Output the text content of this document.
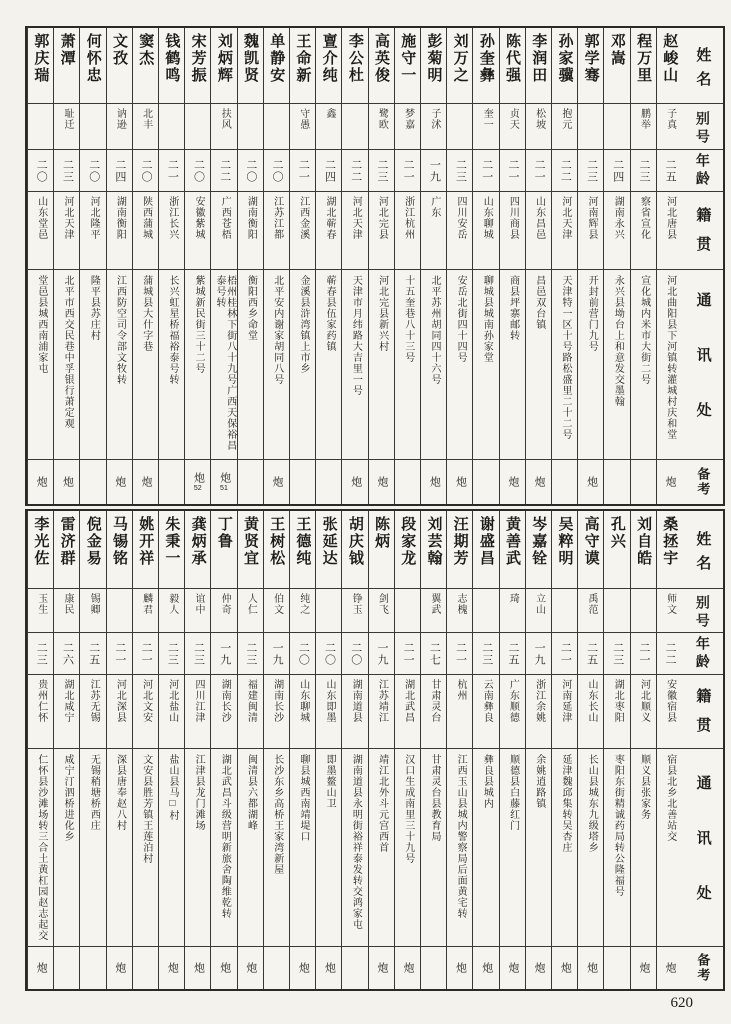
姓名
别号
年龄
籍贯
通讯处
备考
赵峻山
子真
二五
河北唐县
河北曲阳县下河镇转灌城村庆和堂
炮
程万里
鹏举
二三
察省宣化
宣化城内米市大街二号
邓嵩
二四
湖南永兴
永兴县坳台上和意发交墨翰
郭学骞
二三
河南辉县
开封前营门九号
炮
孙家骥
抱元
二二
河北天津
天津特一区十号路松盛里二十二号
李润田
松坡
二一
山东昌邑
昌邑双台镇
炮
陈代强
贞天
二一
四川商县
商县坪寨邮转
炮
孙奎彝
奎一
二一
山东聊城
聊城县城南孙家堂
刘万之
二三
四川安岳
安岳北街四十四号
炮
彭菊明
子沭
一九
广东
北平苏州胡同四十六号
炮
施守一
梦嘉
二一
浙江杭州
十五奎巷八十三号
高英俊
鹭欧
二三
河北完县
河北完县新兴村
炮
李公杜
二二
河北天津
天津市月纬路大吉里一号
炮
亶介纯
鑫
二四
湖北蕲春
蕲春县伍家药镇
王命新
守愚
二一
江西金溪
金溪县浒湾镇上市乡
单静安
二〇
江苏江都
北平安内谢家胡同八号
炮
魏凯贤
二〇
湖南衡阳
衡阳西乡命堂
刘炳辉
扶风
二二
广西苍梧
梧州桂林下街八十九号广西天保裕昌泰号转
炮
51
宋芳振
二〇
安徽紫城
紫城新民街三十二号
炮
52
钱鹤鸣
二一
浙江长兴
长兴虹星桥福裕泰号转
窦杰
北丰
二〇
陕西蒲城
蒲城县大什字巷
炮
文孜
讷逊
二四
湖南衡阳
江西防空司令部文牧转
炮
何怀忠
二〇
河北隆平
隆平县苏庄村
萧潭
耻迁
二三
河北天津
北平市西交民巷中孚银行萧定观
炮
郭庆瑞
二〇
山东堂邑
堂邑县城西南浦家屯
炮
姓名
别号
年龄
籍贯
通讯处
备考
桑拯宇
师文
二二
安徽宿县
宿县北乡北善站交
炮
刘自皓
二一
河北顺义
顺义县张家务
炮
孔兴
二三
湖北枣阳
枣阳东街精诚药局转公隆福号
高守谟
禹范
二五
山东长山
长山县城东九级塔乡
炮
吴粹明
二一
河南延津
延津魏邱集转吴杏庄
炮
岑嘉铨
立山
一九
浙江余姚
余姚逍路镇
炮
黄善武
琦
二五
广东顺德
顺德县白藤红门
炮
谢盛昌
二三
云南彝良
彝良县城内
炮
汪期芳
志槐
二一
杭州
江西玉山县城内警察局后面黄宅转
炮
刘芸翰
翼武
二七
甘肃灵台
甘肃灵台县教育局
段家龙
二一
湖北武昌
汉口生成南里三十九号
炮
陈炳
剑飞
一九
江苏靖江
靖江北外斗元宫西首
炮
胡庆钺
铮玉
二〇
湖南道县
湖南道县永明街裕祥泰发转交鸿家屯
张延达
二〇
山东即墨
即墨鳌山卫
炮
王德纯
纯之
二〇
山东聊城
聊县城西南靖堤口
炮
王树松
伯文
一九
湖南长沙
长沙东乡高桥王家湾新屋
黄贤宜
人仁
二三
福建闽清
闽清县六都湖峰
炮
丁鲁
仲奇
一九
湖南长沙
湖北武昌斗级营明新旅舍陶维乾转
炮
龚炳承
谊中
二三
四川江津
江津县龙门滩场
炮
朱秉一
毅人
二三
河北盐山
盐山县马□村
炮
姚开祥
麟君
二一
河北文安
文安县胜芳镇王莲泊村
马锡铭
二一
河北深县
深县唐奉赵八村
炮
倪金易
锡卿
二五
江苏无锡
无锡稍塘桥西庄
雷济群
康民
二六
湖北咸宁
咸宁汀泗桥进化乡
李光佐
玉生
二三
贵州仁怀
仁怀县沙滩场转三合土黄杠园赵志起交
炮
620
